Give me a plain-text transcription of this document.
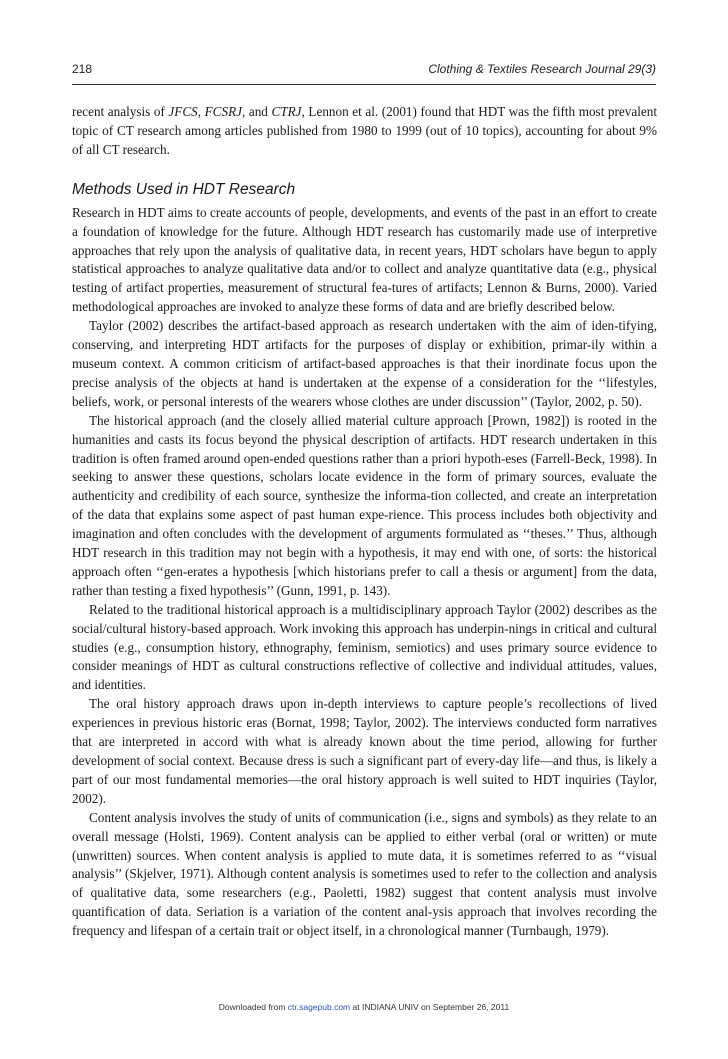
218	Clothing & Textiles Research Journal 29(3)

recent analysis of JFCS, FCSRJ, and CTRJ, Lennon et al. (2001) found that HDT was the fifth most prevalent topic of CT research among articles published from 1980 to 1999 (out of 10 topics), accounting for about 9% of all CT research.

Methods Used in HDT Research

Research in HDT aims to create accounts of people, developments, and events of the past in an effort to create a foundation of knowledge for the future. Although HDT research has customarily made use of interpretive approaches that rely upon the analysis of qualitative data, in recent years, HDT scholars have begun to apply statistical approaches to analyze qualitative data and/or to collect and analyze quantitative data (e.g., physical testing of artifact properties, measurement of structural fea-tures of artifacts; Lennon & Burns, 2000). Varied methodological approaches are invoked to analyze these forms of data and are briefly described below.

Taylor (2002) describes the artifact-based approach as research undertaken with the aim of iden-tifying, conserving, and interpreting HDT artifacts for the purposes of display or exhibition, primar-ily within a museum context. A common criticism of artifact-based approaches is that their inordinate focus upon the precise analysis of the objects at hand is undertaken at the expense of a consideration for the ‘‘lifestyles, beliefs, work, or personal interests of the wearers whose clothes are under discussion’’ (Taylor, 2002, p. 50).

The historical approach (and the closely allied material culture approach [Prown, 1982]) is rooted in the humanities and casts its focus beyond the physical description of artifacts. HDT research undertaken in this tradition is often framed around open-ended questions rather than a priori hypoth-eses (Farrell-Beck, 1998). In seeking to answer these questions, scholars locate evidence in the form of primary sources, evaluate the authenticity and credibility of each source, synthesize the informa-tion collected, and create an interpretation of the data that explains some aspect of past human expe-rience. This process includes both objectivity and imagination and often concludes with the development of arguments formulated as ‘‘theses.’’ Thus, although HDT research in this tradition may not begin with a hypothesis, it may end with one, of sorts: the historical approach often ‘‘gen-erates a hypothesis [which historians prefer to call a thesis or argument] from the data, rather than testing a fixed hypothesis’’ (Gunn, 1991, p. 143).

Related to the traditional historical approach is a multidisciplinary approach Taylor (2002) describes as the social/cultural history-based approach. Work invoking this approach has underpin-nings in critical and cultural studies (e.g., consumption history, ethnography, feminism, semiotics) and uses primary source evidence to consider meanings of HDT as cultural constructions reflective of collective and individual attitudes, values, and identities.

The oral history approach draws upon in-depth interviews to capture people’s recollections of lived experiences in previous historic eras (Bornat, 1998; Taylor, 2002). The interviews conducted form narratives that are interpreted in accord with what is already known about the time period, allowing for further development of social context. Because dress is such a significant part of every-day life—and thus, is likely a part of our most fundamental memories—the oral history approach is well suited to HDT inquiries (Taylor, 2002).

Content analysis involves the study of units of communication (i.e., signs and symbols) as they relate to an overall message (Holsti, 1969). Content analysis can be applied to either verbal (oral or written) or mute (unwritten) sources. When content analysis is applied to mute data, it is sometimes referred to as ‘‘visual analysis’’ (Skjelver, 1971). Although content analysis is sometimes used to refer to the collection and analysis of qualitative data, some researchers (e.g., Paoletti, 1982) suggest that content analysis must involve quantification of data. Seriation is a variation of the content anal-ysis approach that involves recording the frequency and lifespan of a certain trait or object itself, in a chronological manner (Turnbaugh, 1979).

Downloaded from ctr.sagepub.com at INDIANA UNIV on September 26, 2011
